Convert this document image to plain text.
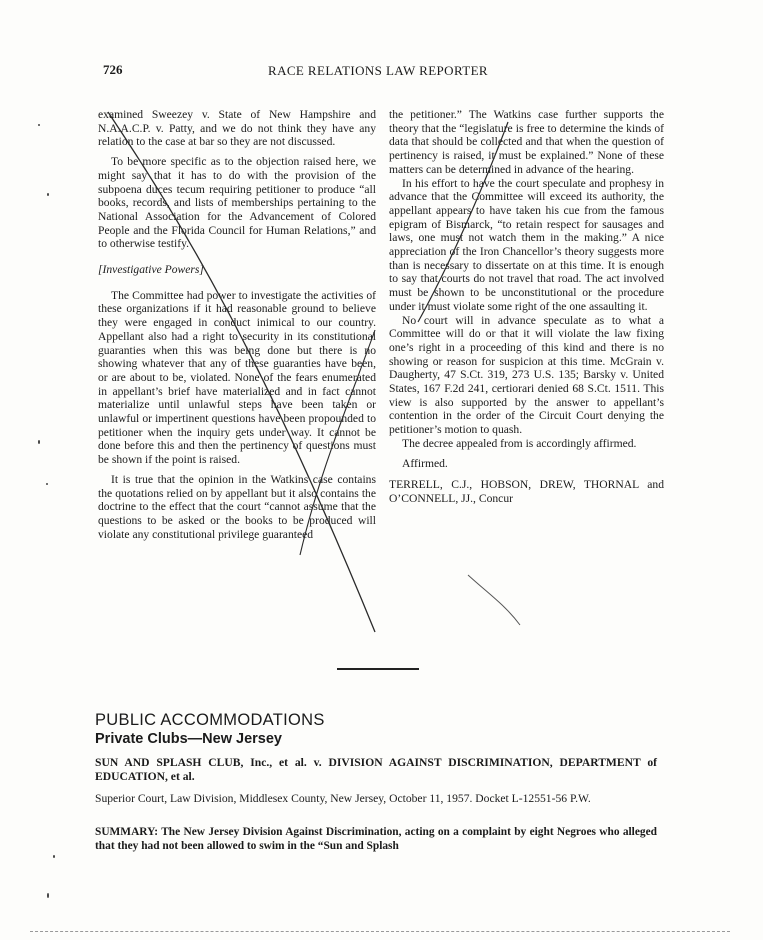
726	RACE RELATIONS LAW REPORTER

examined Sweezey v. State of New Hampshire and N.A.A.C.P. v. Patty, and we do not think they have any relation to the case at bar so they are not discussed.

To be more specific as to the objection raised here, we might say that it has to do with the provision of the subpoena duces tecum requiring petitioner to produce “all books, records, and lists of memberships pertaining to the National Association for the Advancement of Colored People and the Florida Council for Human Relations,” and to otherwise testify.

[Investigative Powers]

The Committee had power to investigate the activities of these organizations if it had reasonable ground to believe they were engaged in conduct inimical to our country. Appellant also had a right to security in its constitutional guaranties when this was being done but there is no showing whatever that any of these guaranties have been, or are about to be, violated. None of the fears enumerated in appellant’s brief have materialized and in fact cannot materialize until unlawful steps have been taken or unlawful or impertinent questions have been propounded to petitioner when the inquiry gets under way. It cannot be done before this and then the pertinency of questions must be shown if the point is raised.

It is true that the opinion in the Watkins case contains the quotations relied on by appellant but it also contains the doctrine to the effect that the court “cannot assume that the questions to be asked or the books to be produced will violate any constitutional privilege guaranteed

the petitioner.” The Watkins case further supports the theory that the “legislature is free to determine the kinds of data that should be collected and that when the question of pertinency is raised, it must be explained.” None of these matters can be determined in advance of the hearing.

In his effort to have the court speculate and prophesy in advance that the Committee will exceed its authority, the appellant appears to have taken his cue from the famous epigram of Bismarck, “to retain respect for sausages and laws, one must not watch them in the making.” A nice appreciation of the Iron Chancellor’s theory suggests more than is necessary to dissertate on at this time. It is enough to say that courts do not travel that road. The act involved must be shown to be unconstitutional or the procedure under it must violate some right of the one assaulting it.

No court will in advance speculate as to what a Committee will do or that it will violate the law fixing one’s right in a proceeding of this kind and there is no showing or reason for suspicion at this time. McGrain v. Daugherty, 47 S.Ct. 319, 273 U.S. 135; Barsky v. United States, 167 F.2d 241, certiorari denied 68 S.Ct. 1511. This view is also supported by the answer to appellant’s contention in the order of the Circuit Court denying the petitioner’s motion to quash.

The decree appealed from is accordingly affirmed.

Affirmed.

TERRELL, C.J., HOBSON, DREW, THORNAL and O’CONNELL, JJ., Concur

PUBLIC ACCOMMODATIONS
Private Clubs—New Jersey
SUN AND SPLASH CLUB, Inc., et al. v. DIVISION AGAINST DISCRIMINATION, DEPARTMENT of EDUCATION, et al.
Superior Court, Law Division, Middlesex County, New Jersey, October 11, 1957. Docket L-12551-56 P.W.
SUMMARY: The New Jersey Division Against Discrimination, acting on a complaint by eight Negroes who alleged that they had not been allowed to swim in the “Sun and Splash
